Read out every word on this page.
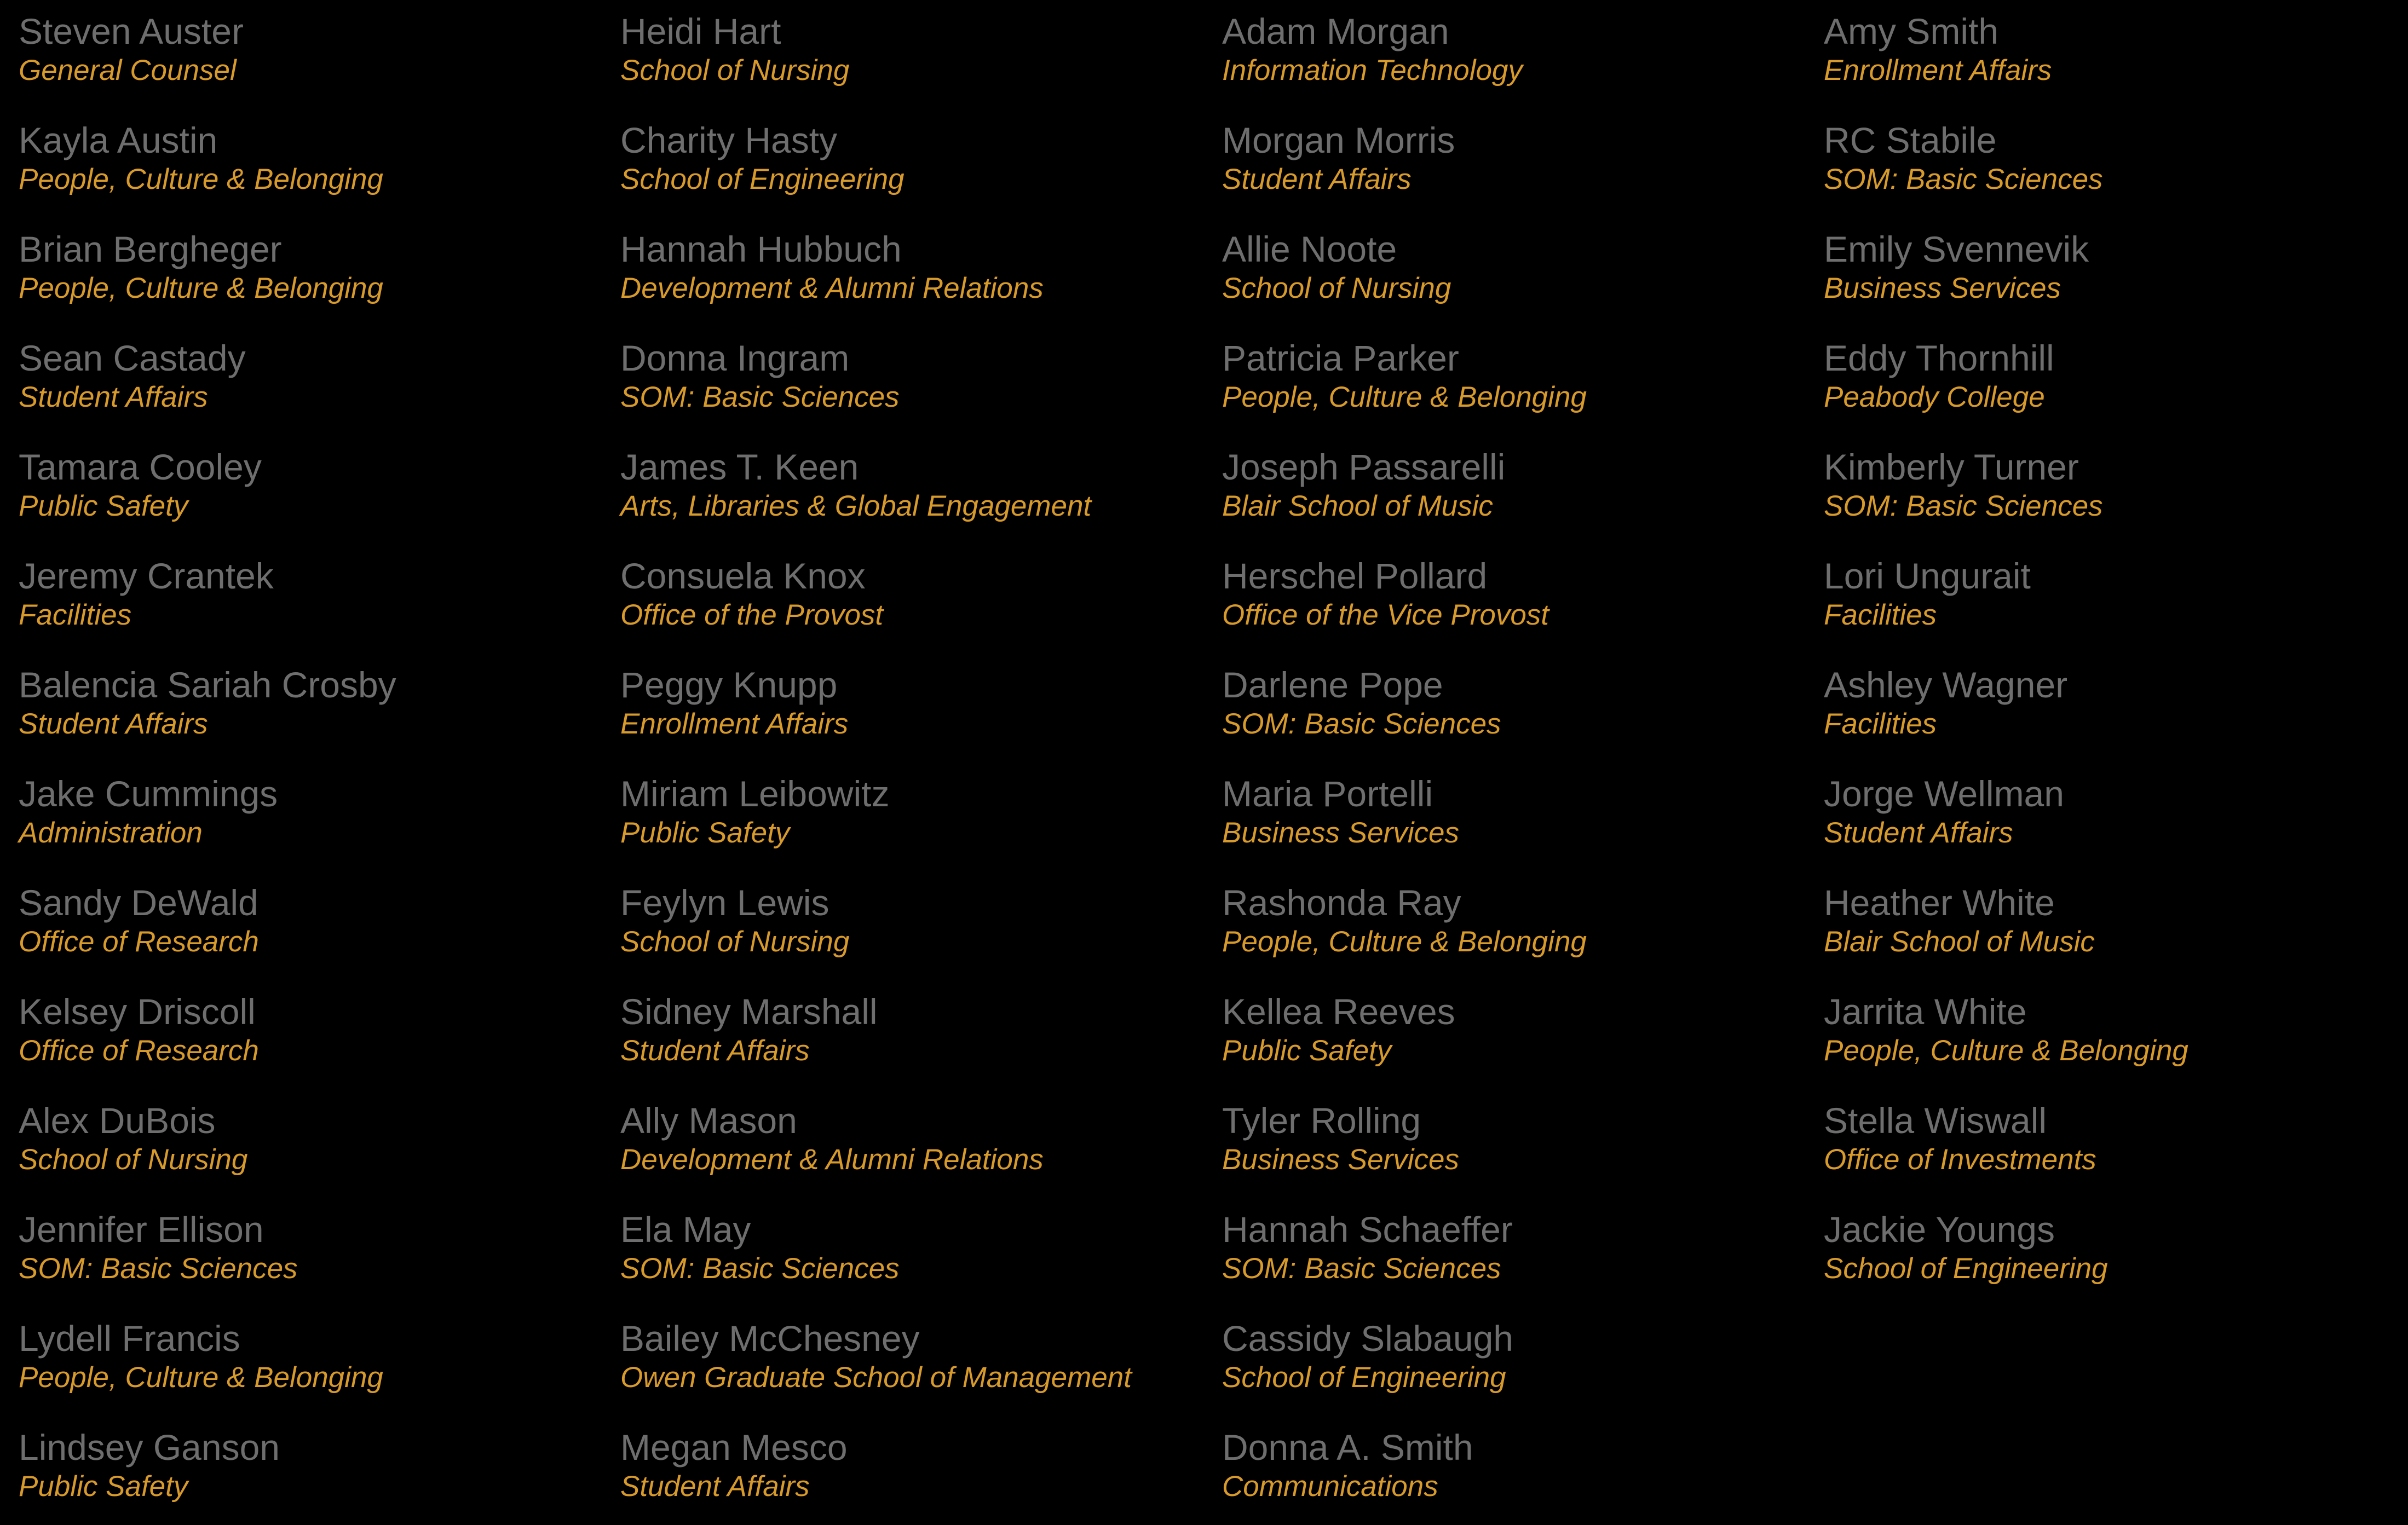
Steven Auster
General Counsel
Kayla Austin
People, Culture & Belonging
Brian Bergheger
People, Culture & Belonging
Sean Castady
Student Affairs
Tamara Cooley
Public Safety
Jeremy Crantek
Facilities
Balencia Sariah Crosby
Student Affairs
Jake Cummings
Administration
Sandy DeWald
Office of Research
Kelsey Driscoll
Office of Research
Alex DuBois
School of Nursing
Jennifer Ellison
SOM: Basic Sciences
Lydell Francis
People, Culture & Belonging
Lindsey Ganson
Public Safety
Heidi Hart
School of Nursing
Charity Hasty
School of Engineering
Hannah Hubbuch
Development & Alumni Relations
Donna Ingram
SOM: Basic Sciences
James T. Keen
Arts, Libraries & Global Engagement
Consuela Knox
Office of the Provost
Peggy Knupp
Enrollment Affairs
Miriam Leibowitz
Public Safety
Feylyn Lewis
School of Nursing
Sidney Marshall
Student Affairs
Ally Mason
Development & Alumni Relations
Ela May
SOM: Basic Sciences
Bailey McChesney
Owen Graduate School of Management
Megan Mesco
Student Affairs
Adam Morgan
Information Technology
Morgan Morris
Student Affairs
Allie Noote
School of Nursing
Patricia Parker
People, Culture & Belonging
Joseph Passarelli
Blair School of Music
Herschel Pollard
Office of the Vice Provost
Darlene Pope
SOM: Basic Sciences
Maria Portelli
Business Services
Rashonda Ray
People, Culture & Belonging
Kellea Reeves
Public Safety
Tyler Rolling
Business Services
Hannah Schaeffer
SOM: Basic Sciences
Cassidy Slabaugh
School of Engineering
Donna A. Smith
Communications
Amy Smith
Enrollment Affairs
RC Stabile
SOM: Basic Sciences
Emily Svennevik
Business Services
Eddy Thornhill
Peabody College
Kimberly Turner
SOM: Basic Sciences
Lori Ungurait
Facilities
Ashley Wagner
Facilities
Jorge Wellman
Student Affairs
Heather White
Blair School of Music
Jarrita White
People, Culture & Belonging
Stella Wiswall
Office of Investments
Jackie Youngs
School of Engineering
